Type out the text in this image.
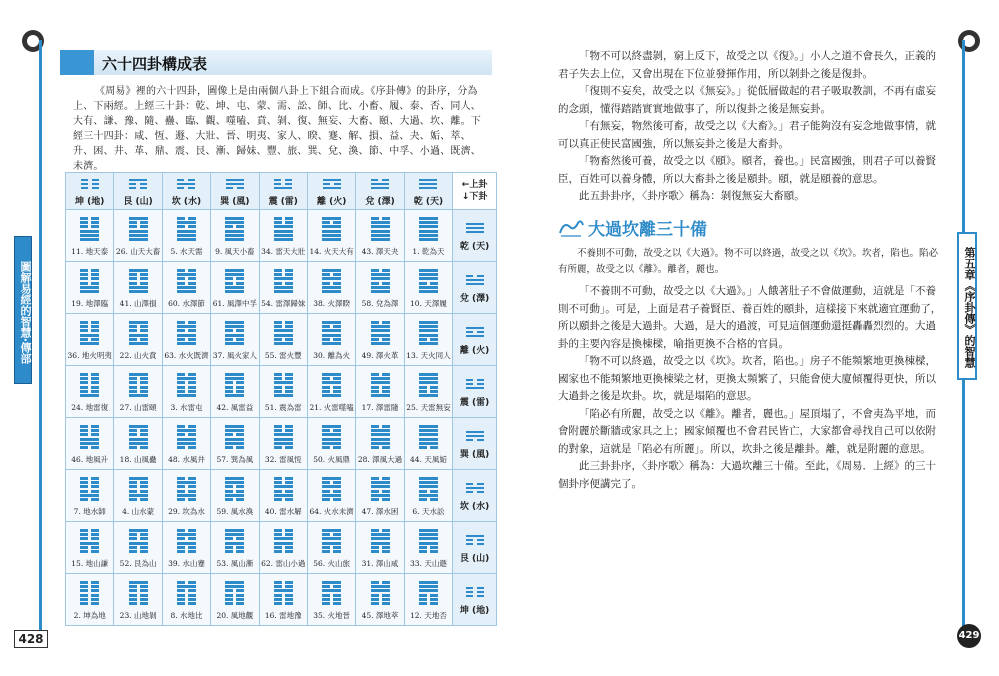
圖解易經的智慧‧傳部
428
六十四卦構成表

《周易》裡的六十四卦，圖像上是由兩個八卦上下組合而成。《序卦傳》的卦序，分為上、下兩經。上經三十卦：乾、坤、屯、蒙、需、訟、師、比、小畜、履、泰、否、同人、大有、謙、豫、隨、蠱、臨、觀、噬嗑、賁、剝、復、無妄、大畜、頤、大過、坎、離。下經三十四卦：咸、恆、遯、大壯、晉、明夷、家人、睽、蹇、解、損、益、夬、姤、萃、升、困、井、革、鼎、震、艮、漸、歸妹、豐、旅、巽、兌、渙、節、中孚、小過、既濟、未濟。

坤 (地)	艮 (山)	坎 (水)	巽 (風)	震 (雷)	離 (火)	兌 (澤)	乾 (天)	←上卦
↓下卦

11. 地天泰	26. 山天大畜	5. 水天需	9. 風天小畜	34. 雷天大壯	14. 火天大有	43. 澤天夬	1. 乾為天	乾 (天)

19. 地澤臨	41. 山澤損	60. 水澤節	61. 風澤中孚	54. 雷澤歸妹	38. 火澤睽	58. 兌為澤	10. 天澤履	兌 (澤)

36. 地火明夷	22. 山火賁	63. 水火既濟	37. 風火家人	55. 雷火豐	30. 離為火	49. 澤火革	13. 天火同人	離 (火)

24. 地雷復	27. 山雷頤	3. 水雷屯	42. 風雷益	51. 震為雷	21. 火雷噬嗑	17. 澤雷隨	25. 天雷無妄	震 (雷)

46. 地風升	18. 山風蠱	48. 水風井	57. 巽為風	32. 雷風恆	50. 火風鼎	28. 澤風大過	44. 天風姤	巽 (風)

7. 地水師	4. 山水蒙	29. 坎為水	59. 風水渙	40. 雷水解	64. 火水未濟	47. 澤水困	6. 天水訟	坎 (水)

15. 地山謙	52. 艮為山	39. 水山蹇	53. 風山漸	62. 雷山小過	56. 火山旅	31. 澤山咸	33. 天山遯	艮 (山)

2. 坤為地	23. 山地剝	8. 水地比	20. 風地觀	16. 雷地豫	35. 火地晉	45. 澤地萃	12. 天地否	坤 (地)
第五章《序卦傳》的智慧
429

「物不可以終盡剝，窮上反下，故受之以《復》。」小人之道不會長久，正義的君子失去上位，又會出現在下位並發揮作用，所以剝卦之後是復卦。

「復則不妄矣，故受之以《無妄》。」從低層做起的君子吸取教訓，不再有虛妄的念頭，懂得踏踏實實地做事了，所以復卦之後是無妄卦。

「有無妄，物然後可畜，故受之以《大畜》。」君子能夠沒有妄念地做事情，就可以真正使民富國強，所以無妄卦之後是大畜卦。

「物畜然後可養，故受之以《頤》。頤者，養也。」民富國強，則君子可以養賢臣，百姓可以養身體，所以大畜卦之後是頤卦。頤，就是頤養的意思。

此五卦卦序，〈卦序歌〉稱為：剝復無妄大畜頤。

大過坎離三十備

不養則不可動，故受之以《大過》。物不可以終過，故受之以《坎》。坎者，陷也。陷必有所麗，故受之以《離》。離者，麗也。

「不養則不可動，故受之以《大過》。」人餓著肚子不會做運動，這就是「不養則不可動」。可是，上面是君子養賢臣、養百姓的頤卦，這樣接下來就適宜運動了，所以頤卦之後是大過卦。大過，是大的過渡，可見這個運動還挺轟轟烈烈的。大過卦的主要內容是換棟樑，喻指更換不合格的官員。

「物不可以終過，故受之以《坎》。坎者，陷也。」房子不能頻繁地更換棟樑，國家也不能頻繁地更換棟梁之材，更換太頻繁了，只能會使大廈傾覆得更快，所以大過卦之後是坎卦。坎，就是塌陷的意思。

「陷必有所麗，故受之以《離》。離者，麗也。」屋頂塌了，不會夷為平地，而會附麗於斷牆或家具之上；國家傾覆也不會君民皆亡，大家都會尋找自己可以依附的對象，這就是「陷必有所麗」。所以，坎卦之後是離卦。離，就是附麗的意思。

此三卦卦序，〈卦序歌〉稱為：大過坎離三十備。至此，《周易．上經》的三十個卦序便講完了。
